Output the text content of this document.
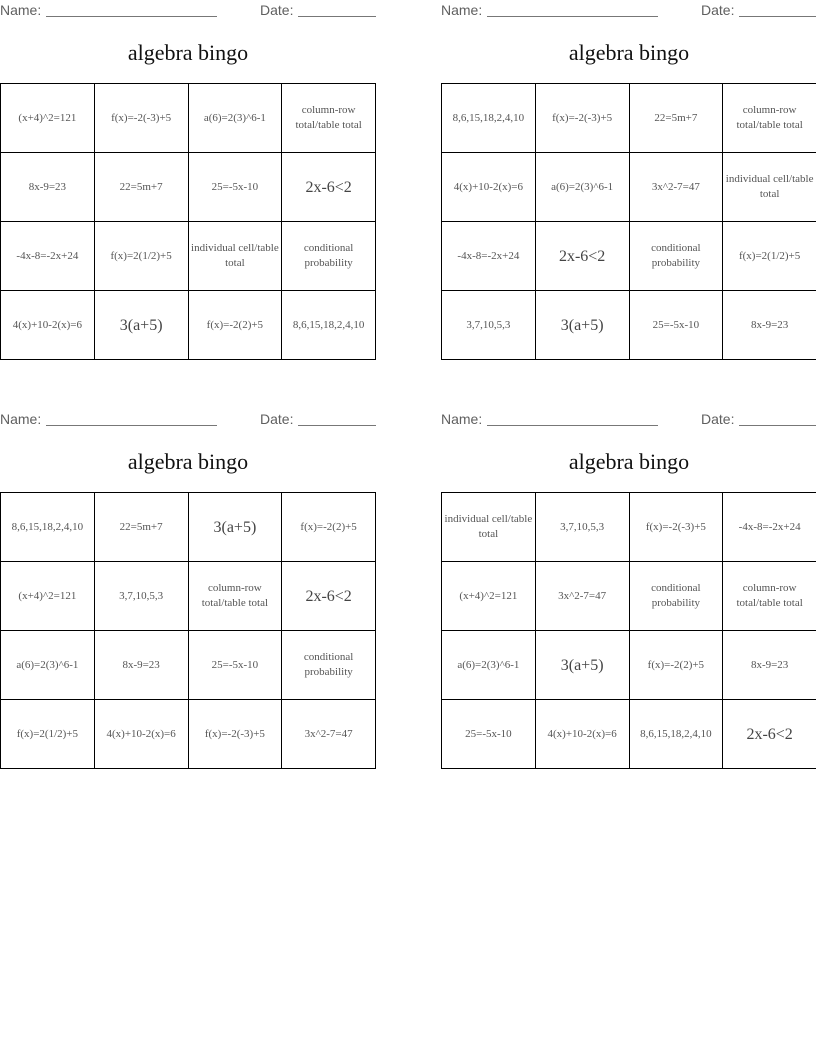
Name:	Date:
algebra bingo
(x+4)^2=121	f(x)=-2(-3)+5	a(6)=2(3)^6-1	column-row total/table total
8x-9=23	22=5m+7	25=-5x-10	2x-6<2
-4x-8=-2x+24	f(x)=2(1/2)+5	individual cell/table total	conditional probability
4(x)+10-2(x)=6	3(a+5)	f(x)=-2(2)+5	8,6,15,18,2,4,10
Name:	Date:
algebra bingo
8,6,15,18,2,4,10	f(x)=-2(-3)+5	22=5m+7	column-row total/table total
4(x)+10-2(x)=6	a(6)=2(3)^6-1	3x^2-7=47	individual cell/table total
-4x-8=-2x+24	2x-6<2	conditional probability	f(x)=2(1/2)+5
3,7,10,5,3	3(a+5)	25=-5x-10	8x-9=23
Name:	Date:
algebra bingo
8,6,15,18,2,4,10	22=5m+7	3(a+5)	f(x)=-2(2)+5
(x+4)^2=121	3,7,10,5,3	column-row total/table total	2x-6<2
a(6)=2(3)^6-1	8x-9=23	25=-5x-10	conditional probability
f(x)=2(1/2)+5	4(x)+10-2(x)=6	f(x)=-2(-3)+5	3x^2-7=47
Name:	Date:
algebra bingo
individual cell/table total	3,7,10,5,3	f(x)=-2(-3)+5	-4x-8=-2x+24
(x+4)^2=121	3x^2-7=47	conditional probability	column-row total/table total
a(6)=2(3)^6-1	3(a+5)	f(x)=-2(2)+5	8x-9=23
25=-5x-10	4(x)+10-2(x)=6	8,6,15,18,2,4,10	2x-6<2
